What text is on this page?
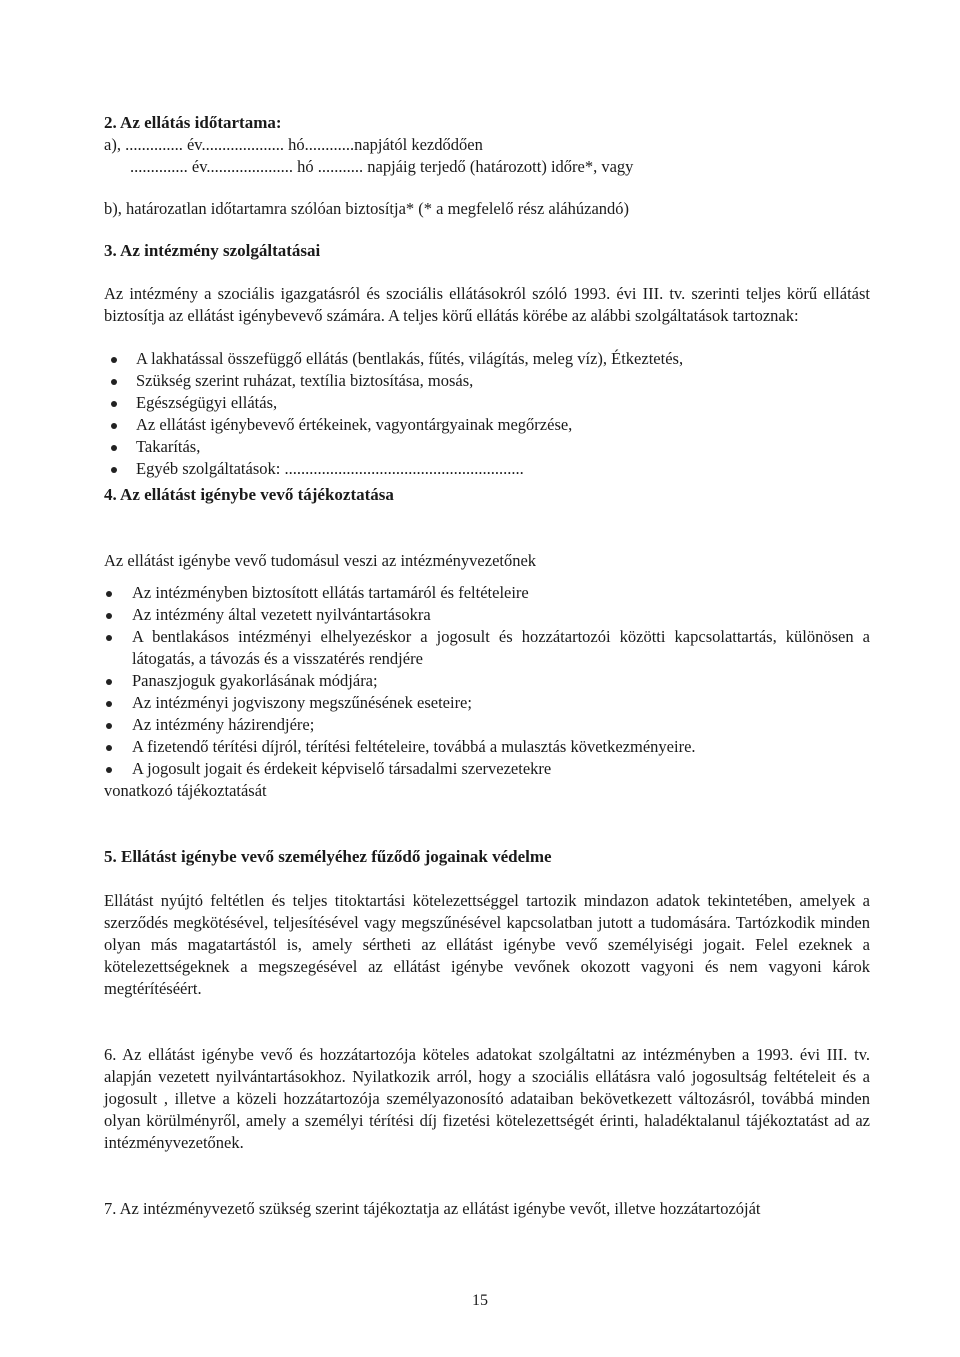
2. Az ellátás időtartama:

a), .............. év.................... hó............napjától kezdődően

.............. év..................... hó ........... napjáig terjedő (határozott) időre*, vagy

b), határozatlan időtartamra szólóan biztosítja* (* a megfelelő rész aláhúzandó)

3. Az intézmény szolgáltatásai

Az intézmény a szociális igazgatásról és szociális ellátásokról szóló 1993. évi III. tv. szerinti teljes körű ellátást biztosítja az ellátást igénybevevő számára. A teljes körű ellátás körébe az alábbi szolgáltatások tartoznak:

A lakhatással összefüggő ellátás (bentlakás, fűtés, világítás, meleg víz), Étkeztetés,
Szükség szerint ruházat, textília biztosítása, mosás,
Egészségügyi ellátás,
Az ellátást igénybevevő értékeinek, vagyontárgyainak megőrzése,
Takarítás,
Egyéb szolgáltatások: ..........................................................

4. Az ellátást igénybe vevő tájékoztatása

Az ellátást igénybe vevő tudomásul veszi az intézményvezetőnek

Az intézményben biztosított ellátás tartamáról és feltételeire
Az intézmény által vezetett nyilvántartásokra
A bentlakásos intézményi elhelyezéskor a jogosult és hozzátartozói közötti kapcsolattartás, különösen a látogatás, a távozás és a visszatérés rendjére
Panaszjoguk gyakorlásának módjára;
Az intézményi jogviszony megszűnésének eseteire;
Az intézmény házirendjére;
A fizetendő térítési díjról, térítési feltételeire, továbbá a mulasztás következményeire.
A jogosult jogait és érdekeit képviselő társadalmi szervezetekre

vonatkozó tájékoztatását

5. Ellátást igénybe vevő személyéhez fűződő jogainak védelme

Ellátást nyújtó feltétlen és teljes titoktartási kötelezettséggel tartozik mindazon adatok tekintetében, amelyek a szerződés megkötésével, teljesítésével vagy megszűnésével kapcsolatban jutott a tudomására. Tartózkodik minden olyan más magatartástól is, amely sértheti az ellátást igénybe vevő személyiségi jogait. Felel ezeknek a kötelezettségeknek a megszegésével az ellátást igénybe vevőnek okozott vagyoni és nem vagyoni károk megtérítéséért.

6. Az ellátást igénybe vevő és hozzátartozója köteles adatokat szolgáltatni az intézményben a 1993. évi III. tv. alapján vezetett nyilvántartásokhoz. Nyilatkozik arról, hogy a szociális ellátásra való jogosultság feltételeit és a jogosult , illetve a közeli hozzátartozója személyazonosító adataiban bekövetkezett változásról, továbbá minden olyan körülményről, amely a személyi térítési díj fizetési kötelezettségét érinti, haladéktalanul tájékoztatást ad az intézményvezetőnek.

7. Az intézményvezető szükség szerint tájékoztatja az ellátást igénybe vevőt, illetve hozzátartozóját

15
